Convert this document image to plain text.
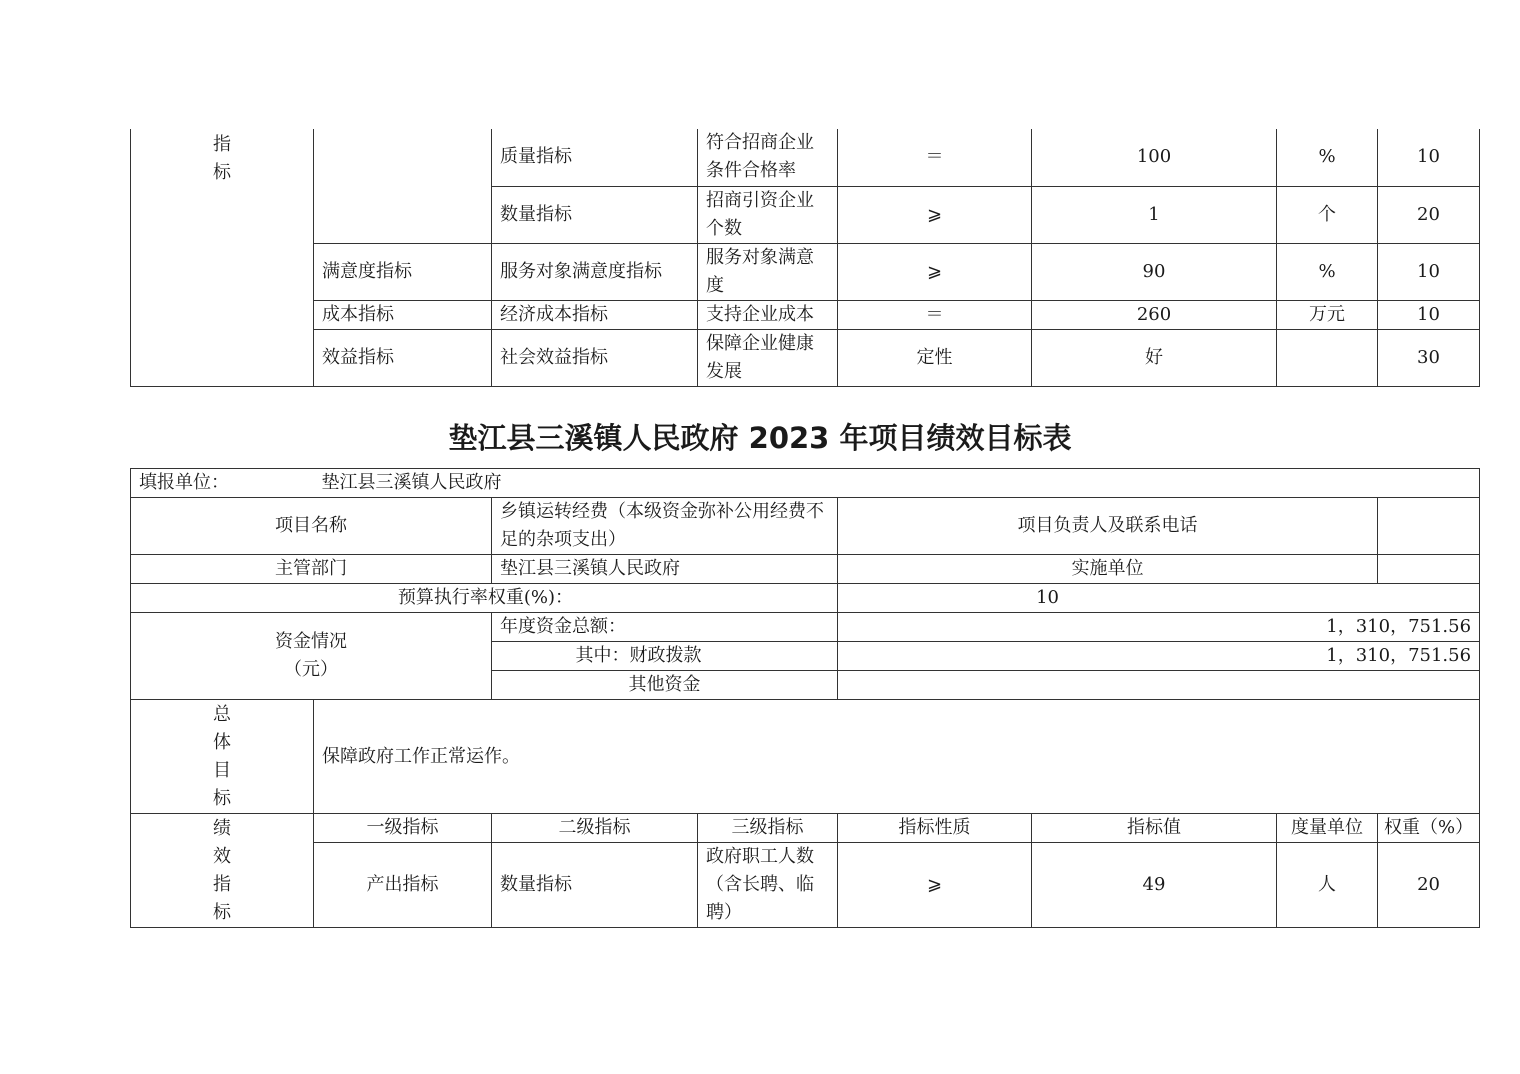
指
标		质量指标	符合招商企业条件合格率	＝	100	%	10
		数量指标	招商引资企业个数	⩾	1	个	20
	满意度指标	服务对象满意度指标	服务对象满意度	⩾	90	%	10
	成本指标	经济成本指标	支持企业成本	＝	260	万元	10
	效益指标	社会效益指标	保障企业健康发展	定性	好		30
垫江县三溪镇人民政府 2023 年项目绩效目标表
填报单位：	垫江县三溪镇人民政府						
项目名称		乡镇运转经费（本级资金弥补公用经费不足的杂项支出）		项目负责人及联系电话			
主管部门		垫江县三溪镇人民政府		实施单位			
预算执行率权重(%)：				10			
资金情况
（元）		年度资金总额：		1，310，751.56			
		其中：财政拨款		1，310，751.56			
		其他资金					
总
体
目
标	保障政府工作正常运作。						
绩
效
指
标	一级指标	二级指标	三级指标	指标性质	指标值	度量单位	权重（%）
	产出指标	数量指标	政府职工人数（含长聘、临聘）	⩾	49	人	20
